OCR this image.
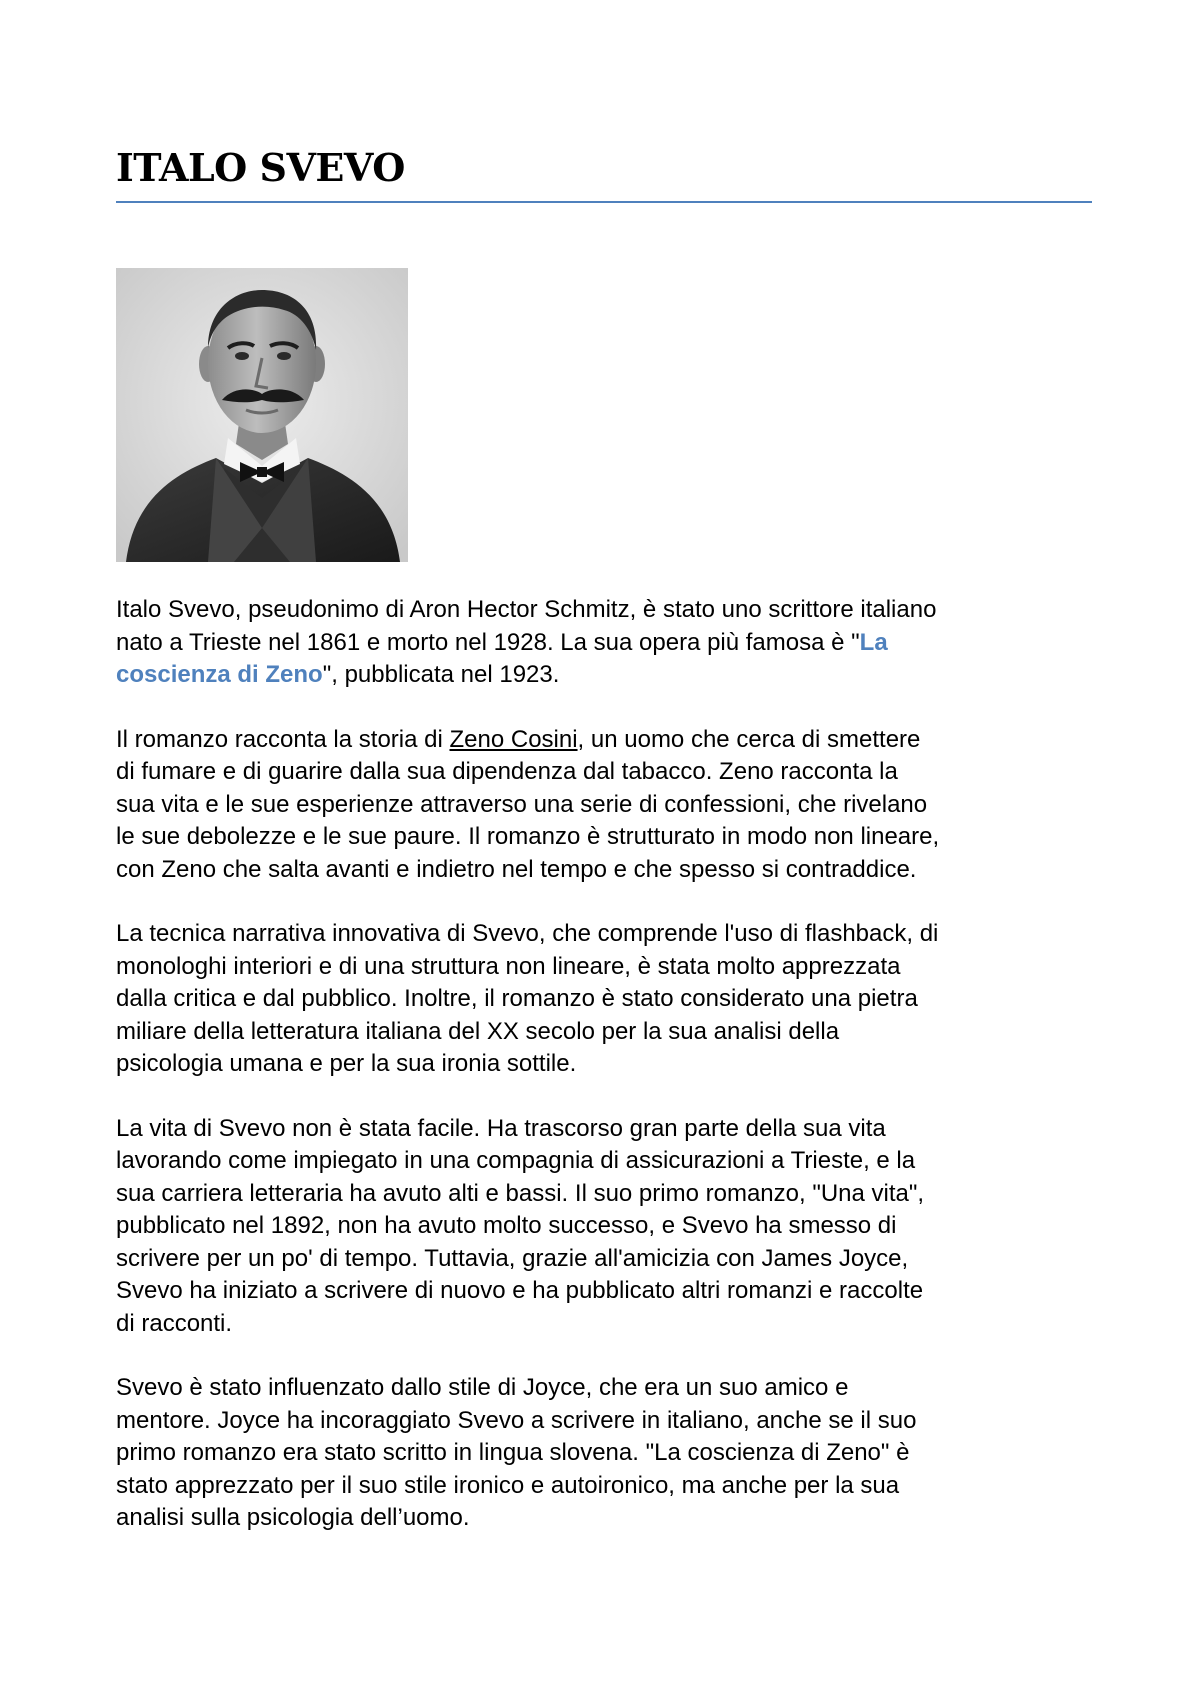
ITALO SVEVO

Italo Svevo, pseudonimo di Aron Hector Schmitz, è stato uno scrittore italiano
nato a Trieste nel 1861 e morto nel 1928. La sua opera più famosa è "La
coscienza di Zeno", pubblicata nel 1923.

Il romanzo racconta la storia di Zeno Cosini, un uomo che cerca di smettere
di fumare e di guarire dalla sua dipendenza dal tabacco. Zeno racconta la
sua vita e le sue esperienze attraverso una serie di confessioni, che rivelano
le sue debolezze e le sue paure. Il romanzo è strutturato in modo non lineare,
con Zeno che salta avanti e indietro nel tempo e che spesso si contraddice.

La tecnica narrativa innovativa di Svevo, che comprende l'uso di flashback, di
monologhi interiori e di una struttura non lineare, è stata molto apprezzata
dalla critica e dal pubblico. Inoltre, il romanzo è stato considerato una pietra
miliare della letteratura italiana del XX secolo per la sua analisi della
psicologia umana e per la sua ironia sottile.

La vita di Svevo non è stata facile. Ha trascorso gran parte della sua vita
lavorando come impiegato in una compagnia di assicurazioni a Trieste, e la
sua carriera letteraria ha avuto alti e bassi. Il suo primo romanzo, "Una vita",
pubblicato nel 1892, non ha avuto molto successo, e Svevo ha smesso di
scrivere per un po' di tempo. Tuttavia, grazie all'amicizia con James Joyce,
Svevo ha iniziato a scrivere di nuovo e ha pubblicato altri romanzi e raccolte
di racconti.

Svevo è stato influenzato dallo stile di Joyce, che era un suo amico e
mentore. Joyce ha incoraggiato Svevo a scrivere in italiano, anche se il suo
primo romanzo era stato scritto in lingua slovena. "La coscienza di Zeno" è
stato apprezzato per il suo stile ironico e autoironico, ma anche per la sua
analisi sulla psicologia dell’uomo.
